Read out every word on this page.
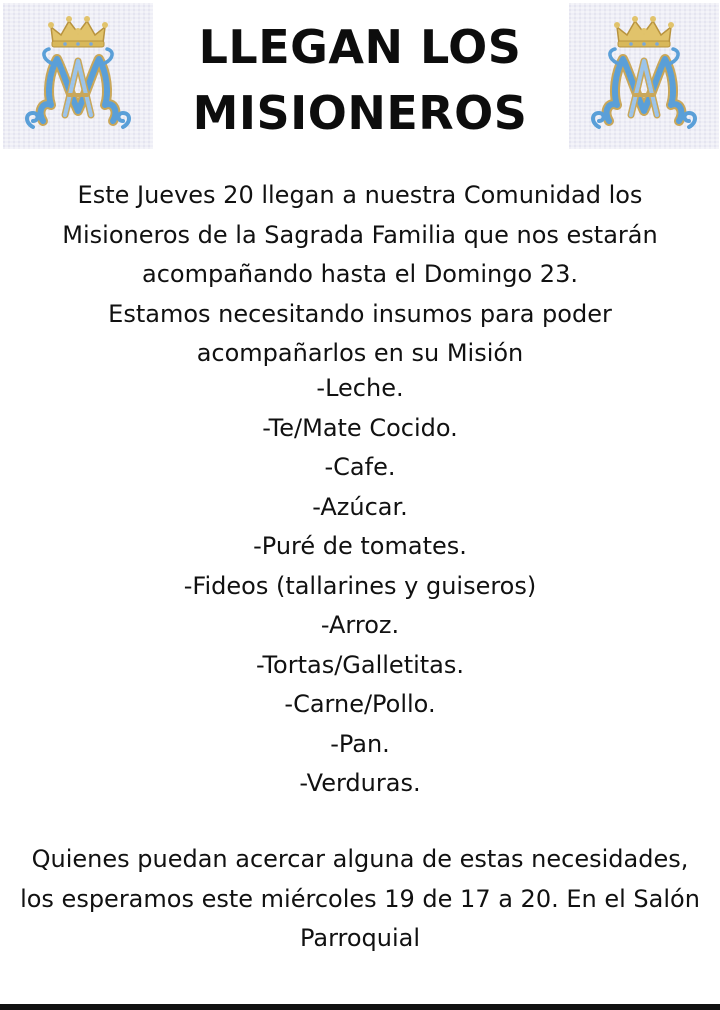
LLEGAN LOS
MISIONEROS

Este Jueves 20 llegan a nuestra Comunidad los
Misioneros de la Sagrada Familia que nos estarán
acompañando hasta el Domingo 23.
Estamos necesitando insumos para poder
acompañarlos en su Misión

-Leche.
-Te/Mate Cocido.
-Cafe.
-Azúcar.
-Puré de tomates.
-Fideos (tallarines y guiseros)
-Arroz.
-Tortas/Galletitas.
-Carne/Pollo.
-Pan.
-Verduras.

Quienes puedan acercar alguna de estas necesidades,
los esperamos este miércoles 19 de 17 a 20. En el Salón
Parroquial
